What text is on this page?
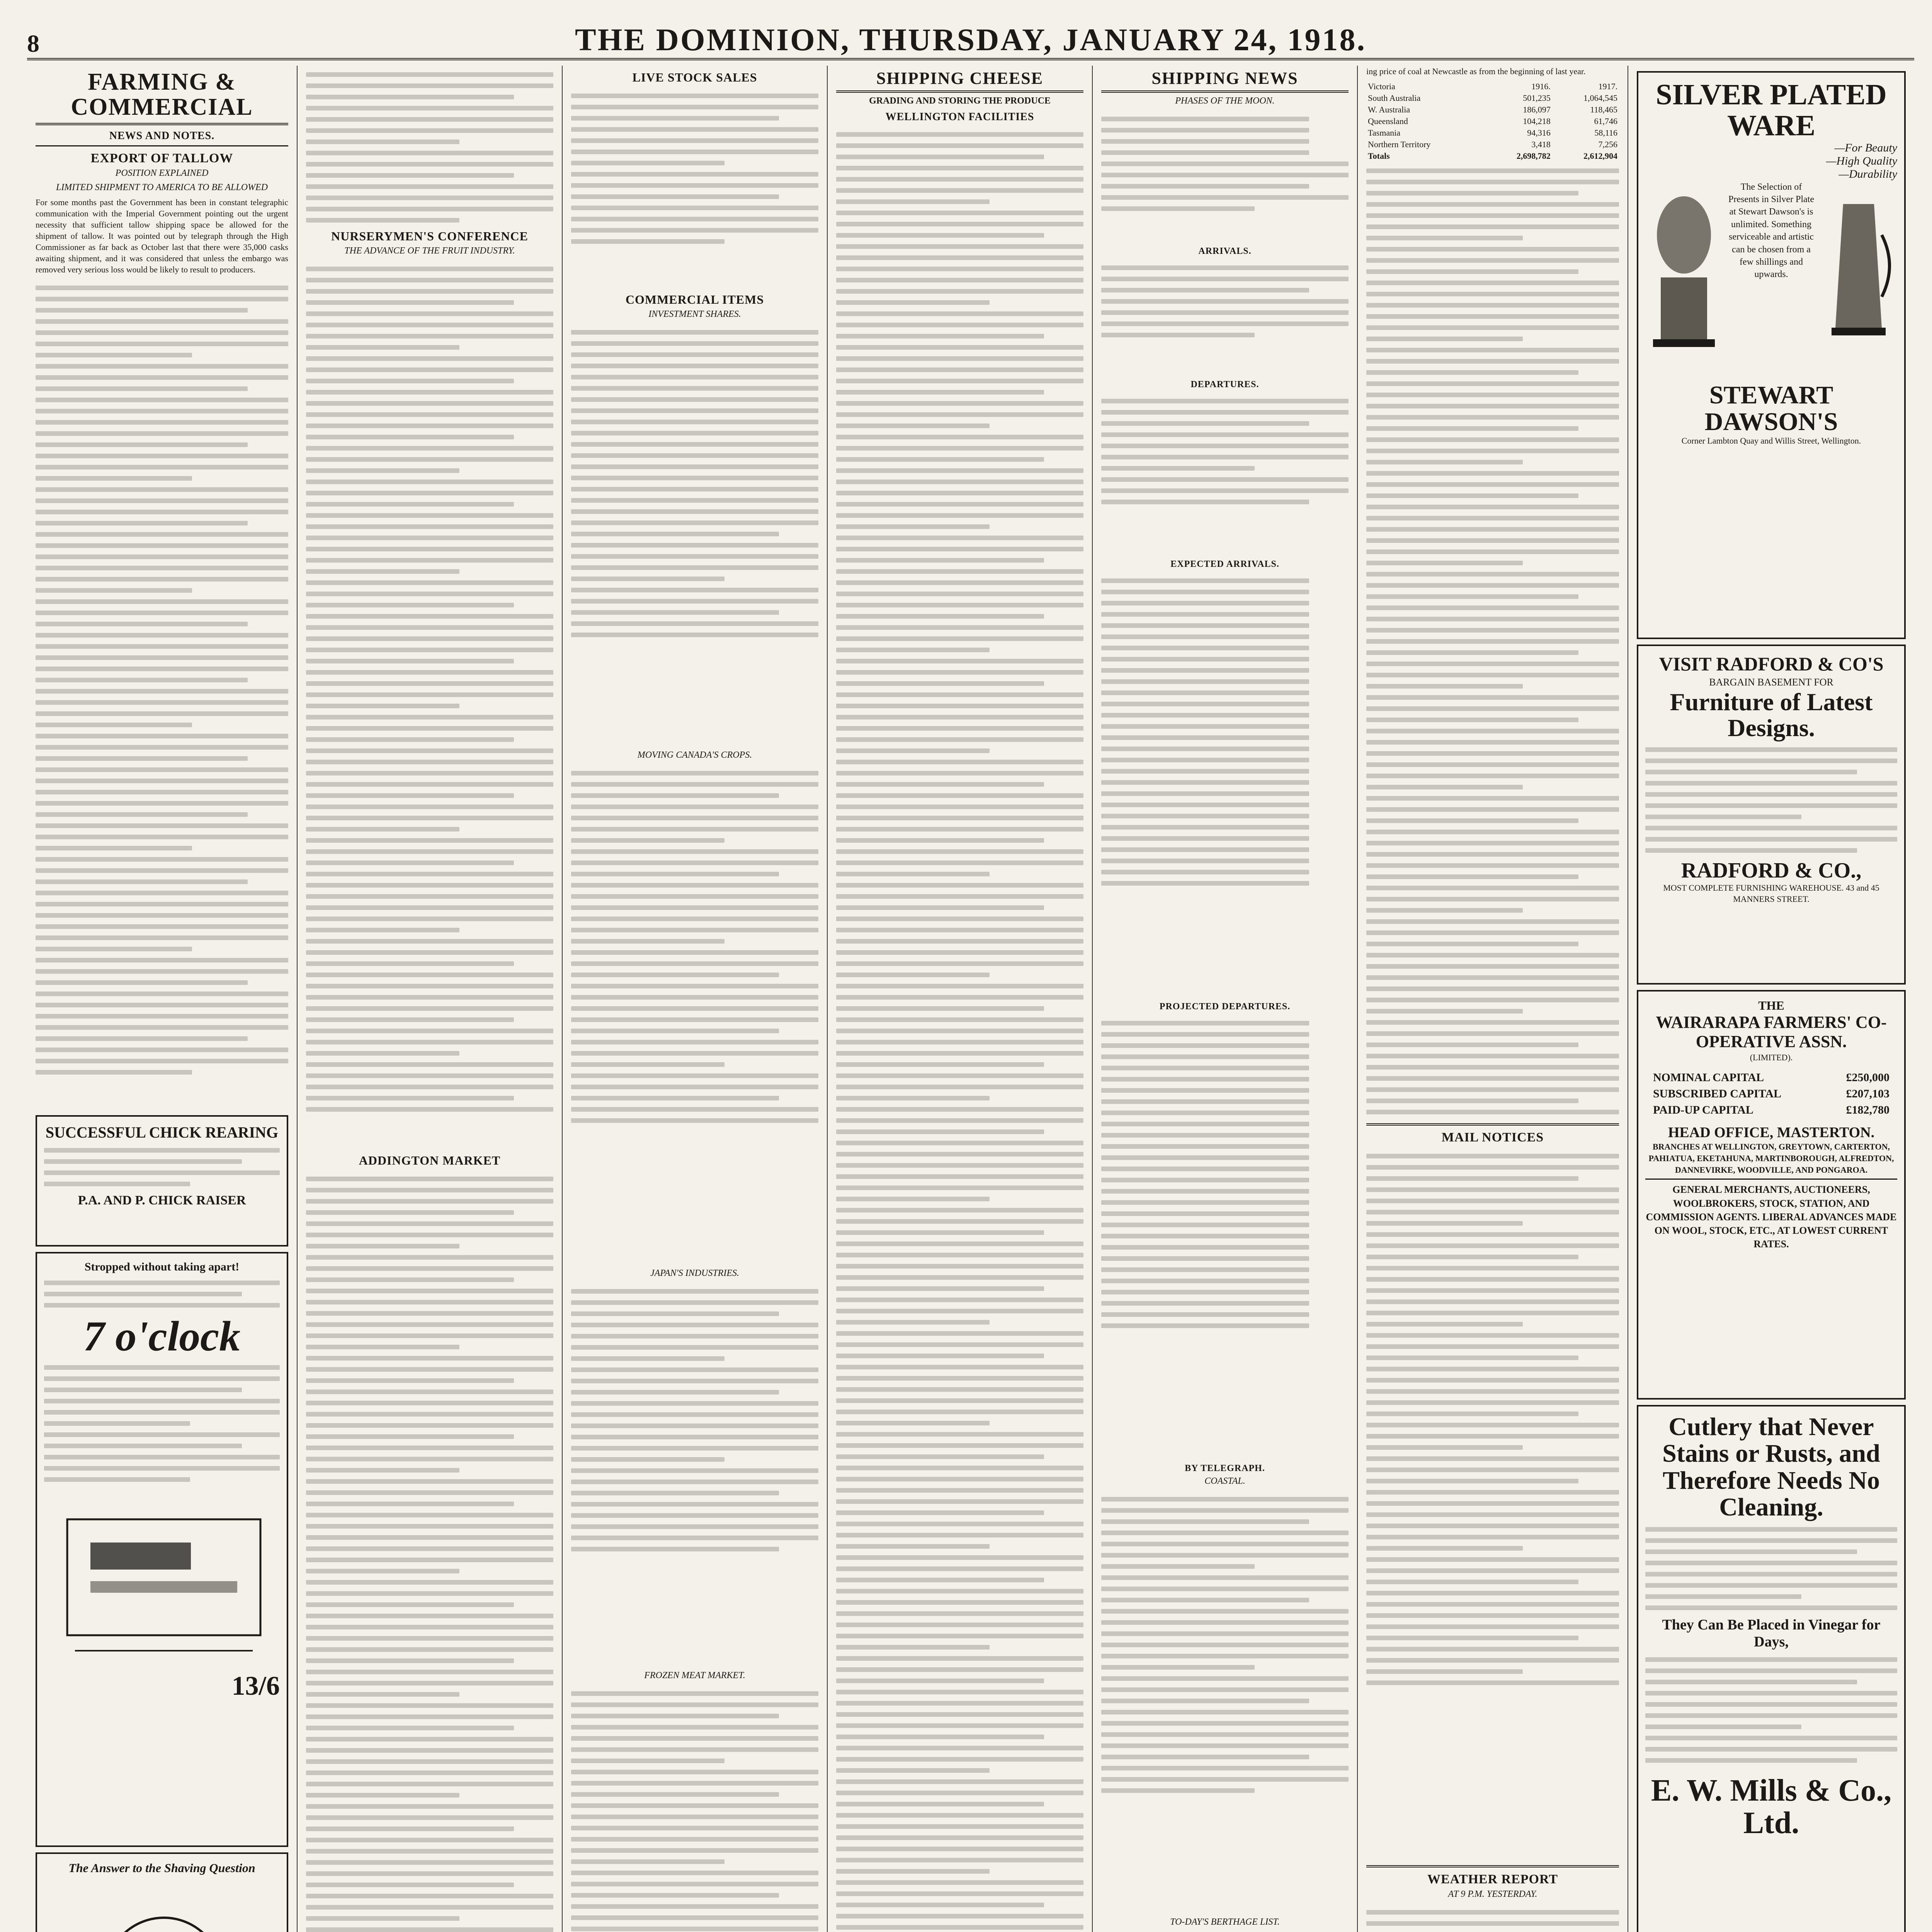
8	THE DOMINION, THURSDAY, JANUARY 24, 1918.
FARMING & COMMERCIAL
NEWS AND NOTES.
EXPORT OF TALLOW
POSITION EXPLAINED
LIMITED SHIPMENT TO AMERICA TO BE ALLOWED

For some months past the Government has been in constant telegraphic communication with the Imperial Government pointing out the urgent necessity that sufficient tallow shipping space be allowed for the shipment of tallow. It was pointed out by telegraph through the High Commissioner as far back as October last that there were 35,000 casks awaiting shipment, and it was considered that unless the embargo was removed very serious loss would be likely to result to producers.

SUCCESSFUL CHICK REARING
P.A. AND P. CHICK RAISER
Stropped without taking apart!
7 o'clock
13/6
The Answer to the Shaving Question
NURSERYMEN'S CONFERENCE
THE ADVANCE OF THE FRUIT INDUSTRY.
ADDINGTON MARKET
LIVE STOCK SALES
COMMERCIAL ITEMS
INVESTMENT SHARES.
MOVING CANADA'S CROPS.
JAPAN'S INDUSTRIES.
FROZEN MEAT MARKET.
SHIPPING CHEESE
GRADING AND STORING THE PRODUCE
WELLINGTON FACILITIES
SHIPPING NEWS
PHASES OF THE MOON.
ARRIVALS.
DEPARTURES.
EXPECTED ARRIVALS.
PROJECTED DEPARTURES.
BY TELEGRAPH.
COASTAL.
TO-DAY'S BERTHAGE LIST.

ing price of coal at Newcastle as from the beginning of last year.

Victoria	1916.	1917.
South Australia	501,235	1,064,545
W. Australia	186,097	118,465
Queensland	104,218	61,746
Tasmania	94,316	58,116
Northern Territory	3,418	7,256
Totals	2,698,782	2,612,904
MAIL NOTICES
WEATHER REPORT
AT 9 P.M. YESTERDAY.
SILVER PLATED WARE
—For Beauty
—High Quality
—Durability
The Selection of Presents in Silver Plate at Stewart Dawson's is unlimited. Something serviceable and artistic can be chosen from a few shillings and upwards.
STEWART DAWSON'S
Corner Lambton Quay and Willis Street, Wellington.
VISIT RADFORD & CO'S
BARGAIN BASEMENT FOR
Furniture of Latest Designs.
RADFORD & CO.,
MOST COMPLETE FURNISHING WAREHOUSE. 43 and 45 MANNERS STREET.
THE
WAIRARAPA FARMERS' CO-OPERATIVE ASSN.
(LIMITED).
NOMINAL CAPITAL	£250,000
SUBSCRIBED CAPITAL	£207,103
PAID-UP CAPITAL	£182,780
HEAD OFFICE, MASTERTON.
BRANCHES AT WELLINGTON, GREYTOWN, CARTERTON, PAHIATUA, EKETAHUNA, MARTINBOROUGH, ALFREDTON, DANNEVIRKE, WOODVILLE, AND PONGAROA.
GENERAL MERCHANTS, AUCTIONEERS, WOOLBROKERS, STOCK, STATION, AND COMMISSION AGENTS. LIBERAL ADVANCES MADE ON WOOL, STOCK, ETC., AT LOWEST CURRENT RATES.
Cutlery that Never Stains or Rusts, and Therefore Needs No Cleaning.
They Can Be Placed in Vinegar for Days,
E. W. Mills & Co., Ltd.
